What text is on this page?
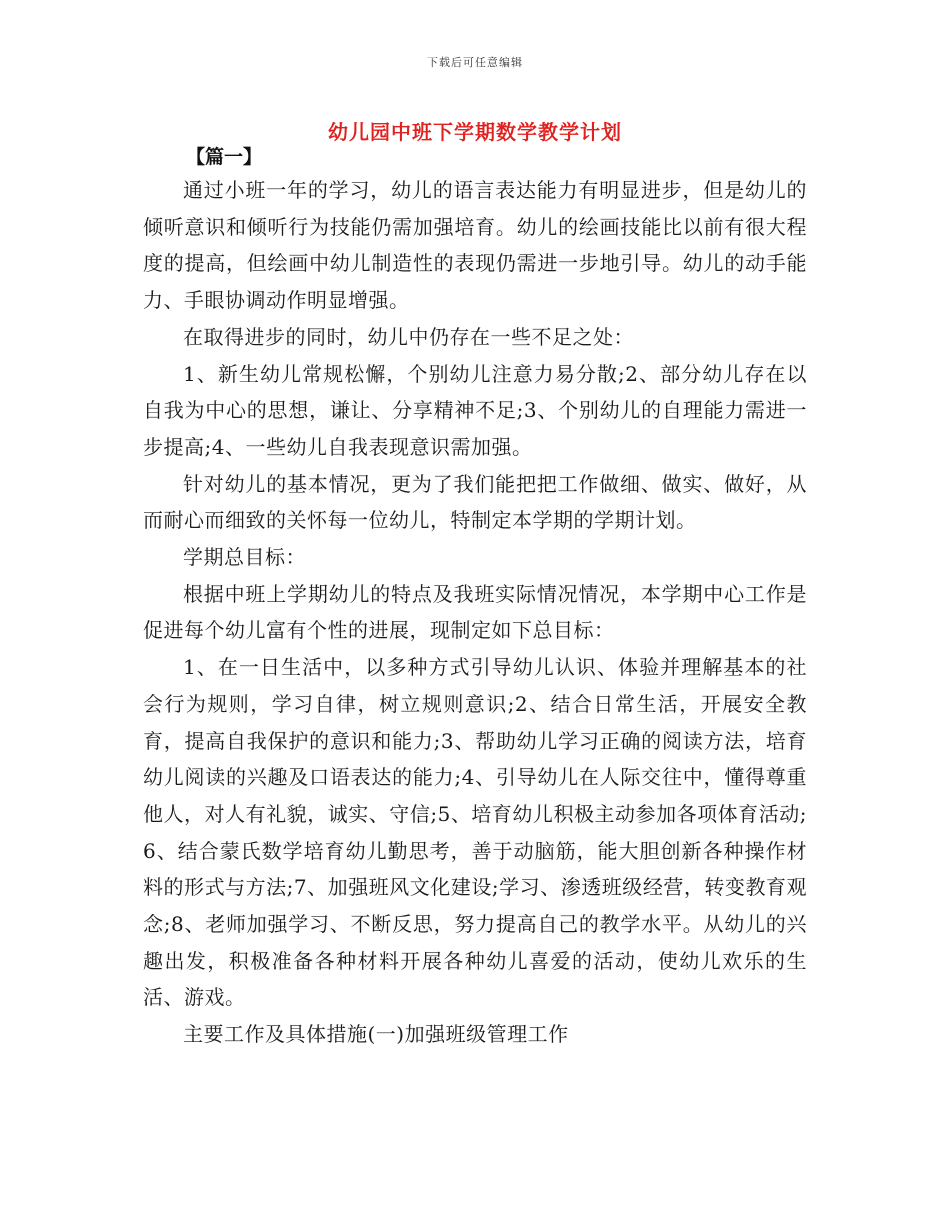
下载后可任意编辑
幼儿园中班下学期数学教学计划
【篇一】

通过小班一年的学习，幼儿的语言表达能力有明显进步，但是幼儿的倾听意识和倾听行为技能仍需加强培育。幼儿的绘画技能比以前有很大程度的提高，但绘画中幼儿制造性的表现仍需进一步地引导。幼儿的动手能力、手眼协调动作明显增强。

在取得进步的同时，幼儿中仍存在一些不足之处：

1、新生幼儿常规松懈，个别幼儿注意力易分散;2、部分幼儿存在以自我为中心的思想，谦让、分享精神不足;3、个别幼儿的自理能力需进一步提高;4、一些幼儿自我表现意识需加强。

针对幼儿的基本情况，更为了我们能把把工作做细、做实、做好，从而耐心而细致的关怀每一位幼儿，特制定本学期的学期计划。

学期总目标：

根据中班上学期幼儿的特点及我班实际情况情况，本学期中心工作是促进每个幼儿富有个性的进展，现制定如下总目标：

1、在一日生活中，以多种方式引导幼儿认识、体验并理解基本的社会行为规则，学习自律，树立规则意识;2、结合日常生活，开展安全教育，提高自我保护的意识和能力;3、帮助幼儿学习正确的阅读方法，培育幼儿阅读的兴趣及口语表达的能力;4、引导幼儿在人际交往中，懂得尊重他人，对人有礼貌，诚实、守信;5、培育幼儿积极主动参加各项体育活动;6、结合蒙氏数学培育幼儿勤思考，善于动脑筋，能大胆创新各种操作材料的形式与方法;7、加强班风文化建设;学习、渗透班级经营，转变教育观念;8、老师加强学习、不断反思，努力提高自己的教学水平。从幼儿的兴趣出发，积极准备各种材料开展各种幼儿喜爱的活动，使幼儿欢乐的生活、游戏。

主要工作及具体措施(一)加强班级管理工作
